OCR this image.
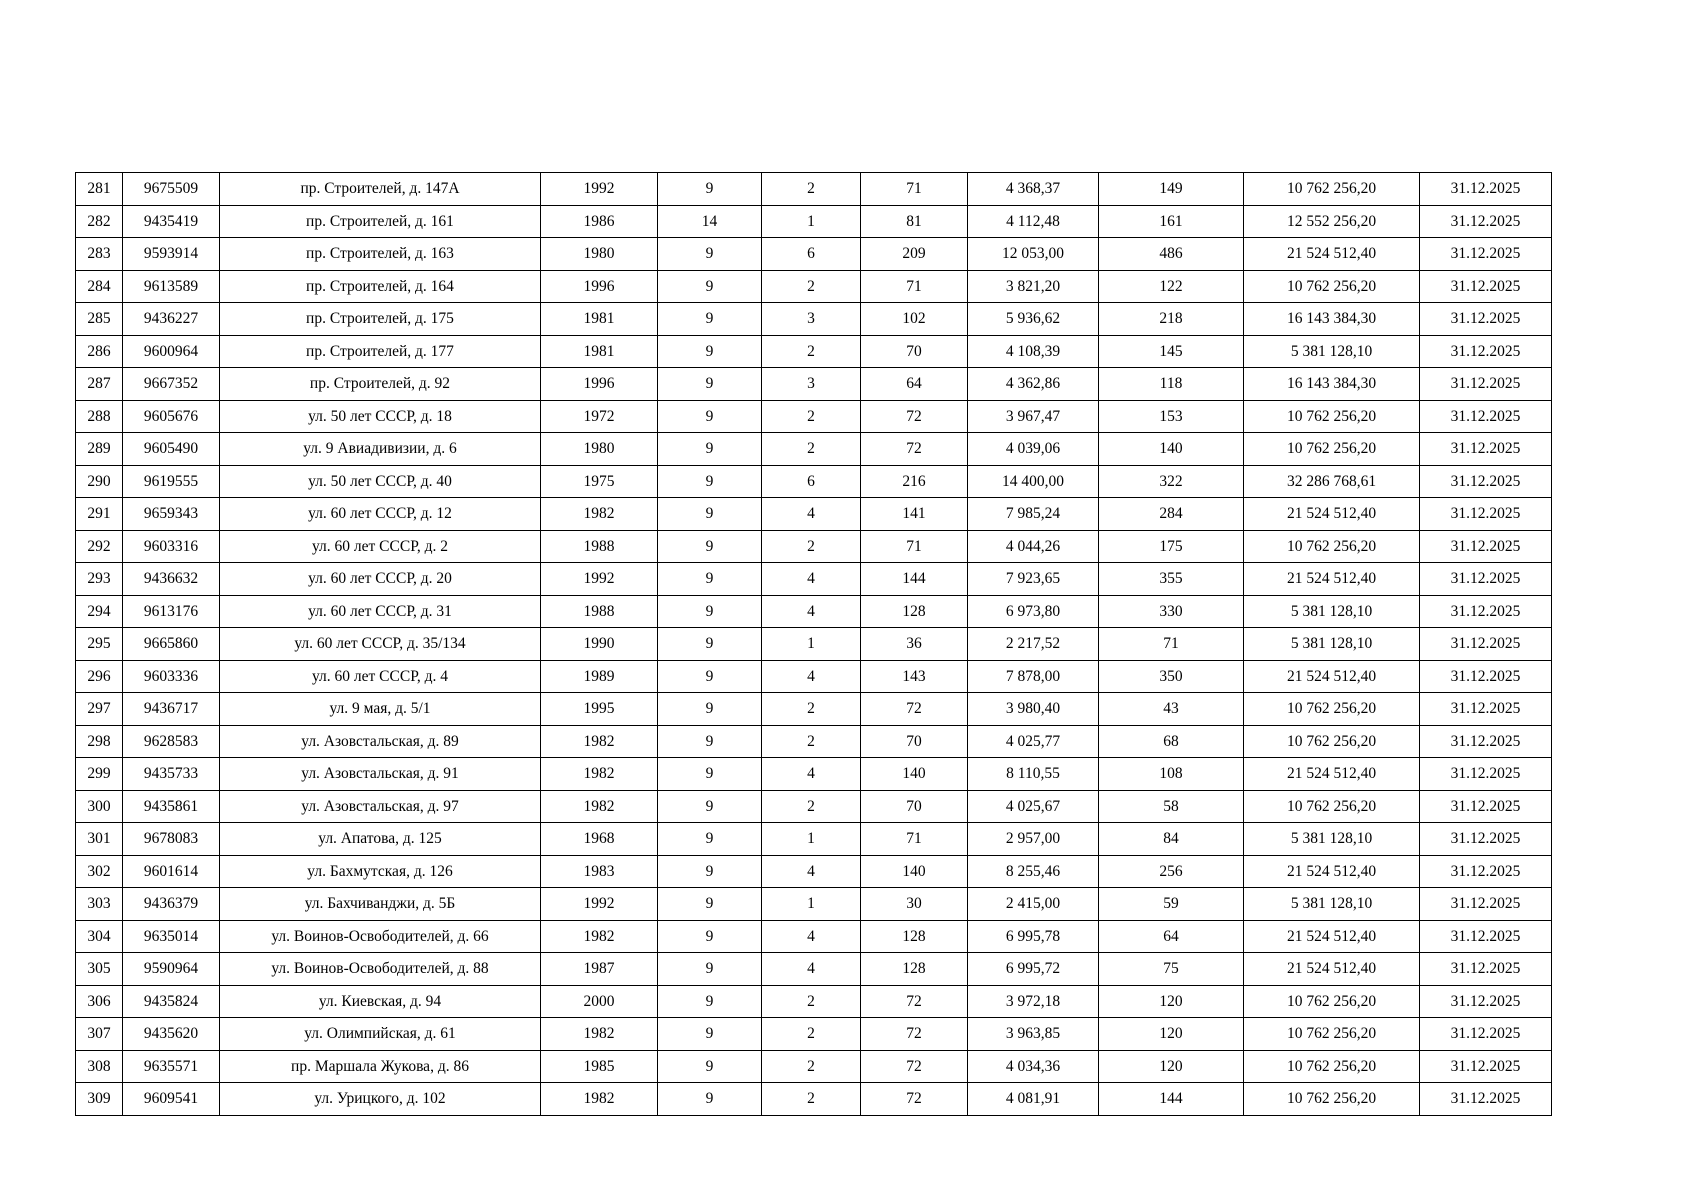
281	9675509	пр. Строителей, д. 147А	1992	9	2	71	4 368,37	149	10 762 256,20	31.12.2025
282	9435419	пр. Строителей, д. 161	1986	14	1	81	4 112,48	161	12 552 256,20	31.12.2025
283	9593914	пр. Строителей, д. 163	1980	9	6	209	12 053,00	486	21 524 512,40	31.12.2025
284	9613589	пр. Строителей, д. 164	1996	9	2	71	3 821,20	122	10 762 256,20	31.12.2025
285	9436227	пр. Строителей, д. 175	1981	9	3	102	5 936,62	218	16 143 384,30	31.12.2025
286	9600964	пр. Строителей, д. 177	1981	9	2	70	4 108,39	145	5 381 128,10	31.12.2025
287	9667352	пр. Строителей, д. 92	1996	9	3	64	4 362,86	118	16 143 384,30	31.12.2025
288	9605676	ул. 50 лет СССР, д. 18	1972	9	2	72	3 967,47	153	10 762 256,20	31.12.2025
289	9605490	ул. 9 Авиадивизии, д. 6	1980	9	2	72	4 039,06	140	10 762 256,20	31.12.2025
290	9619555	ул. 50 лет СССР, д. 40	1975	9	6	216	14 400,00	322	32 286 768,61	31.12.2025
291	9659343	ул. 60 лет СССР, д. 12	1982	9	4	141	7 985,24	284	21 524 512,40	31.12.2025
292	9603316	ул. 60 лет СССР, д. 2	1988	9	2	71	4 044,26	175	10 762 256,20	31.12.2025
293	9436632	ул. 60 лет СССР, д. 20	1992	9	4	144	7 923,65	355	21 524 512,40	31.12.2025
294	9613176	ул. 60 лет СССР, д. 31	1988	9	4	128	6 973,80	330	5 381 128,10	31.12.2025
295	9665860	ул. 60 лет СССР, д. 35/134	1990	9	1	36	2 217,52	71	5 381 128,10	31.12.2025
296	9603336	ул. 60 лет СССР, д. 4	1989	9	4	143	7 878,00	350	21 524 512,40	31.12.2025
297	9436717	ул. 9 мая, д. 5/1	1995	9	2	72	3 980,40	43	10 762 256,20	31.12.2025
298	9628583	ул. Азовстальская, д. 89	1982	9	2	70	4 025,77	68	10 762 256,20	31.12.2025
299	9435733	ул. Азовстальская, д. 91	1982	9	4	140	8 110,55	108	21 524 512,40	31.12.2025
300	9435861	ул. Азовстальская, д. 97	1982	9	2	70	4 025,67	58	10 762 256,20	31.12.2025
301	9678083	ул. Апатова, д. 125	1968	9	1	71	2 957,00	84	5 381 128,10	31.12.2025
302	9601614	ул. Бахмутская, д. 126	1983	9	4	140	8 255,46	256	21 524 512,40	31.12.2025
303	9436379	ул. Бахчиванджи, д. 5Б	1992	9	1	30	2 415,00	59	5 381 128,10	31.12.2025
304	9635014	ул. Воинов-Освободителей, д. 66	1982	9	4	128	6 995,78	64	21 524 512,40	31.12.2025
305	9590964	ул. Воинов-Освободителей, д. 88	1987	9	4	128	6 995,72	75	21 524 512,40	31.12.2025
306	9435824	ул. Киевская, д. 94	2000	9	2	72	3 972,18	120	10 762 256,20	31.12.2025
307	9435620	ул. Олимпийская, д. 61	1982	9	2	72	3 963,85	120	10 762 256,20	31.12.2025
308	9635571	пр. Маршала Жукова, д. 86	1985	9	2	72	4 034,36	120	10 762 256,20	31.12.2025
309	9609541	ул. Урицкого, д. 102	1982	9	2	72	4 081,91	144	10 762 256,20	31.12.2025
